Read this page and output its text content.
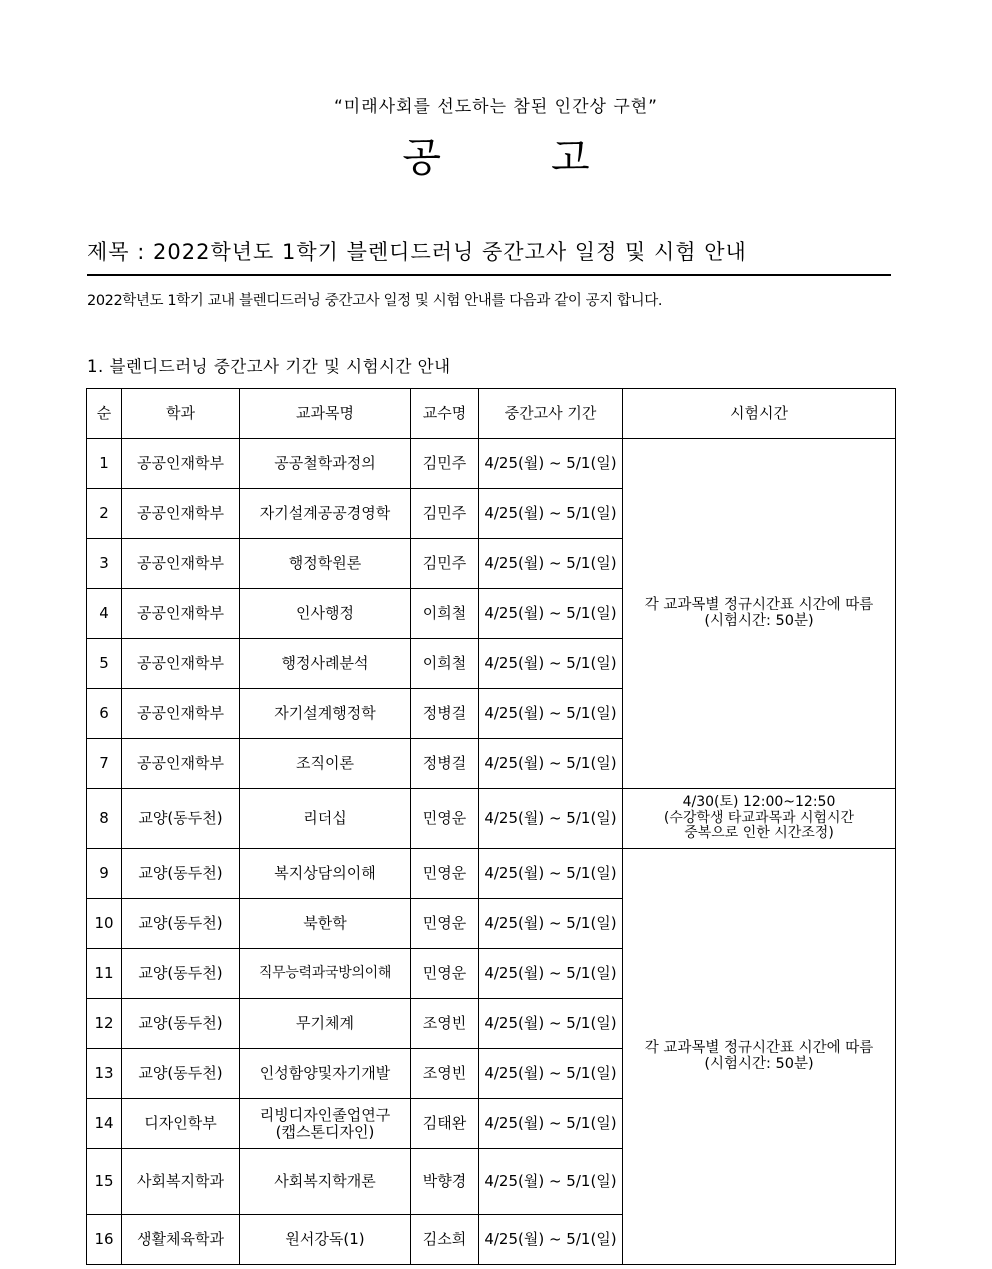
“미래사회를 선도하는 참된 인간상 구현”
공	고
제목 : 2022학년도 1학기 블렌디드러닝 중간고사 일정 및 시험 안내
2022학년도 1학기 교내 블렌디드러닝 중간고사 일정 및 시험 안내를 다음과 같이 공지 합니다.
1. 블렌디드러닝 중간고사 기간 및 시험시간 안내
순	학과	교과목명	교수명	중간고사 기간	시험시간
1	공공인재학부	공공철학과정의	김민주	4/25(월) ~ 5/1(일)	각 교과목별 정규시간표 시간에 따름
(시험시간: 50분)

2	공공인재학부	자기설계공공경영학	김민주	4/25(월) ~ 5/1(일)	
3	공공인재학부	행정학원론	김민주	4/25(월) ~ 5/1(일)	
4	공공인재학부	인사행정	이희철	4/25(월) ~ 5/1(일)	
5	공공인재학부	행정사례분석	이희철	4/25(월) ~ 5/1(일)	
6	공공인재학부	자기설계행정학	정병걸	4/25(월) ~ 5/1(일)	
7	공공인재학부	조직이론	정병걸	4/25(월) ~ 5/1(일)	
8	교양(동두천)	리더십	민영운	4/25(월) ~ 5/1(일)	4/30(토) 12:00~12:50
(수강학생 타교과목과 시험시간
중복으로 인한 시간조정)

9	교양(동두천)	복지상담의이해	민영운	4/25(월) ~ 5/1(일)	각 교과목별 정규시간표 시간에 따름
(시험시간: 50분)

10	교양(동두천)	북한학	민영운	4/25(월) ~ 5/1(일)	
11	교양(동두천)	직무능력과국방의이해	민영운	4/25(월) ~ 5/1(일)	
12	교양(동두천)	무기체계	조영빈	4/25(월) ~ 5/1(일)	
13	교양(동두천)	인성함양및자기개발	조영빈	4/25(월) ~ 5/1(일)	
14	디자인학부	리빙디자인졸업연구
(캡스톤디자인)	김태완	4/25(월) ~ 5/1(일)	
15	사회복지학과	사회복지학개론	박향경	4/25(월) ~ 5/1(일)	
16	생활체육학과	원서강독(1)	김소희	4/25(월) ~ 5/1(일)	
